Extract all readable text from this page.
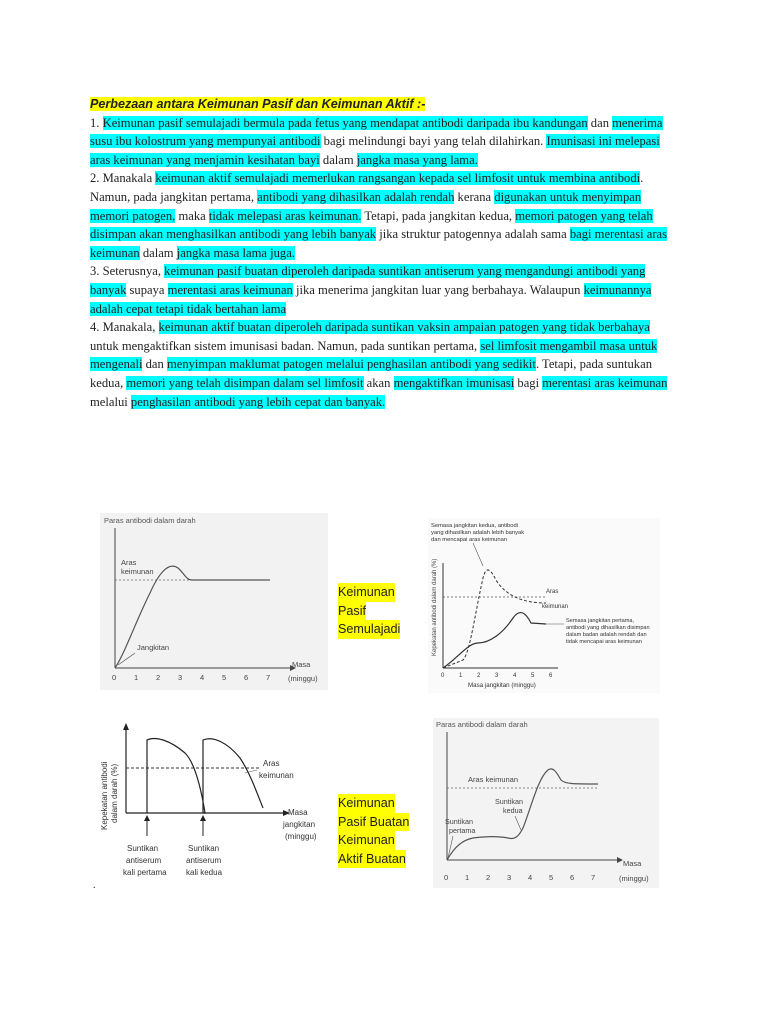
Perbezaan antara Keimunan Pasif dan Keimunan Aktif :-

1. Keimunan pasif semulajadi bermula pada fetus yang mendapat antibodi daripada ibu kandungan dan menerima susu ibu kolostrum yang mempunyai antibodi bagi melindungi bayi yang telah dilahirkan. Imunisasi ini melepasi aras keimunan yang menjamin kesihatan bayi dalam jangka masa yang lama.

2. Manakala keimunan aktif semulajadi memerlukan rangsangan kepada sel limfosit untuk membina antibodi. Namun, pada jangkitan pertama, antibodi yang dihasilkan adalah rendah kerana digunakan untuk menyimpan memori patogen, maka tidak melepasi aras keimunan. Tetapi, pada jangkitan kedua, memori patogen yang telah disimpan akan menghasilkan antibodi yang lebih banyak jika struktur patogennya adalah sama bagi merentasi aras keimunan dalam jangka masa lama juga.

3. Seterusnya, keimunan pasif buatan diperoleh daripada suntikan antiserum yang mengandungi antibodi yang banyak supaya merentasi aras keimunan jika menerima jangkitan luar yang berbahaya. Walaupun keimunannya adalah cepat tetapi tidak bertahan lama

4. Manakala, keimunan aktif buatan diperoleh daripada suntikan vaksin ampaian patogen yang tidak berbahaya untuk mengaktifkan sistem imunisasi badan. Namun, pada suntikan pertama, sel limfosit mengambil masa untuk mengenali dan menyimpan maklumat patogen melalui penghasilan antibodi yang sedikit. Tetapi, pada suntukan kedua, memori yang telah disimpan dalam sel limfosit akan mengaktifkan imunisasi bagi merentasi aras keimunan melalui penghasilan antibodi yang lebih cepat dan banyak.

Paras antibodi dalam darah
Aras
keimunan
Jangkitan
Masa
(minggu)
0 1 2 3 4 5 6 7
Keimunan
Pasif
Semulajadi	Kepekatan antibodi dalam darah (%)
Semasa jangkitan kedua, antibodi
yang dihasilkan adalah lebih banyak
dan mencapai aras keimunan
Aras
keimunan
Semasa jangkitan pertama,
antibodi yang dihasilkan disimpan
dalam badan adalah rendah dan
tidak mencapai aras keimunan
0 1 2 3 4 5 6
Masa jangkitan (minggu)
Kepekatan antibodi dalam darah (%)
Aras
keimunan
Masa
jangkitan
(minggu)
Suntikan
antiserum
kali pertama
Suntikan
antiserum
kali kedua
Keimunan
Pasif Buatan
Keimunan
Aktif Buatan
Paras antibodi dalam darah
Aras keimunan
Suntikan
kedua
Suntikan
pertama
Masa
(minggu)
0 1 2 3 4 5 6 7
.
